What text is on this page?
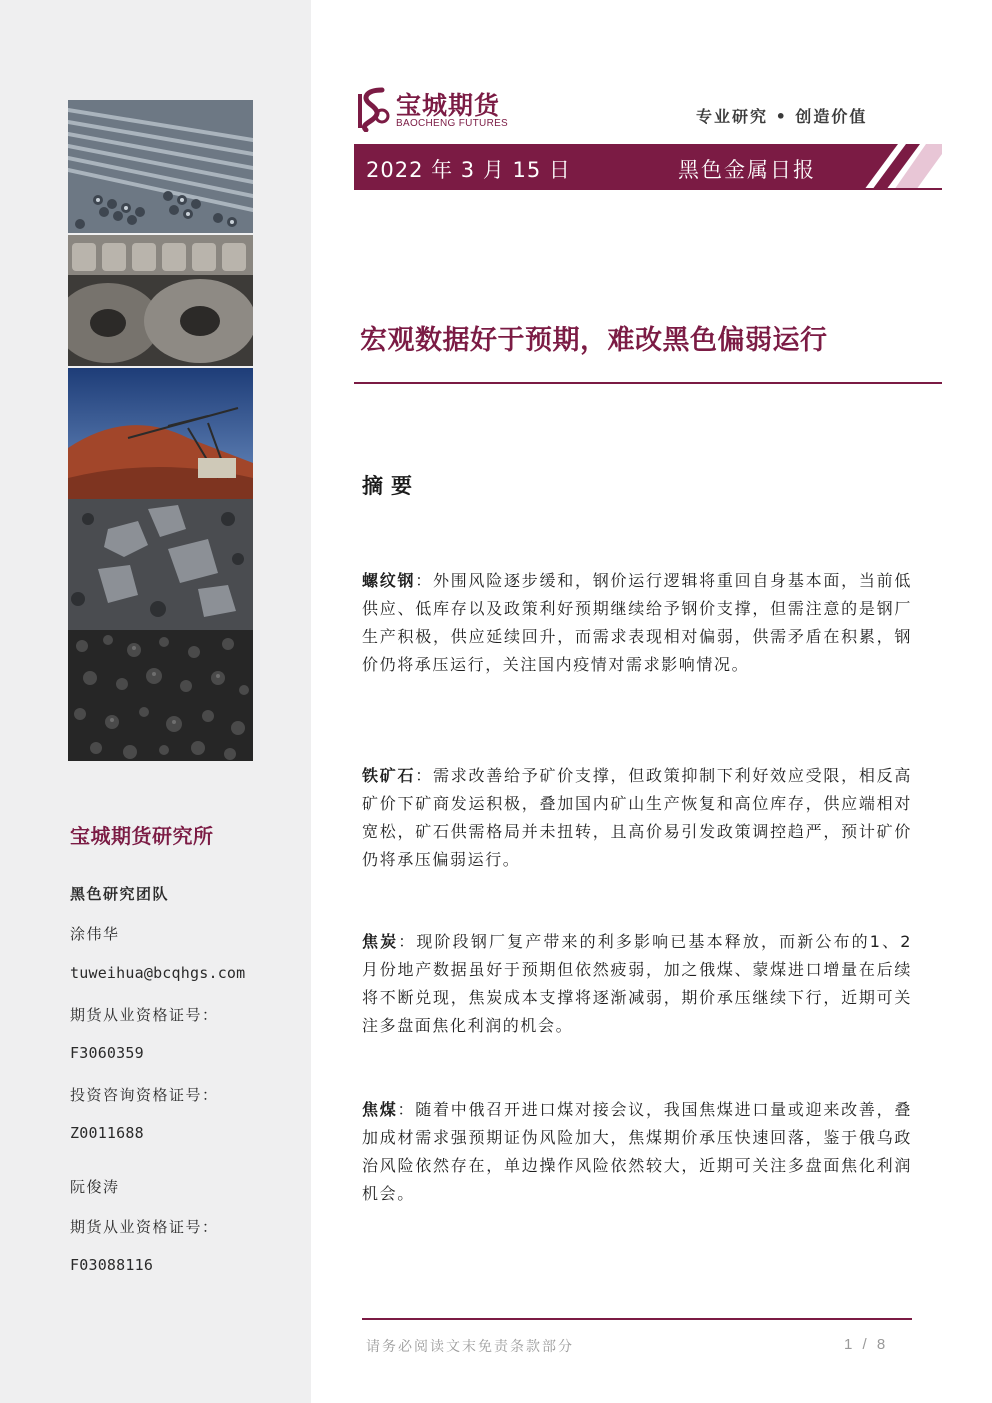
宝城期货研究所
黑色研究团队
涂伟华
tuweihua@bcqhgs.com
期货从业资格证号：
F3060359
投资咨询资格证号：
Z0011688
阮俊涛
期货从业资格证号：
F03088116
宝城期货
BAOCHENG FUTURES	专业研究 • 创造价值
2022 年 3 月 15 日	黑色金属日报
宏观数据好于预期，难改黑色偏弱运行
摘要
螺纹钢：外围风险逐步缓和，钢价运行逻辑将重回自身基本面，当前低供应、低库存以及政策利好预期继续给予钢价支撑，但需注意的是钢厂生产积极，供应延续回升，而需求表现相对偏弱，供需矛盾在积累，钢价仍将承压运行，关注国内疫情对需求影响情况。
铁矿石：需求改善给予矿价支撑，但政策抑制下利好效应受限，相反高矿价下矿商发运积极，叠加国内矿山生产恢复和高位库存，供应端相对宽松，矿石供需格局并未扭转，且高价易引发政策调控趋严，预计矿价仍将承压偏弱运行。
焦炭：现阶段钢厂复产带来的利多影响已基本释放，而新公布的1、2 月份地产数据虽好于预期但依然疲弱，加之俄煤、蒙煤进口增量在后续将不断兑现，焦炭成本支撑将逐渐减弱，期价承压继续下行，近期可关注多盘面焦化利润的机会。
焦煤：随着中俄召开进口煤对接会议，我国焦煤进口量或迎来改善，叠加成材需求强预期证伪风险加大，焦煤期价承压快速回落，鉴于俄乌政治风险依然存在，单边操作风险依然较大，近期可关注多盘面焦化利润机会。
请务必阅读文末免责条款部分	1 / 8
